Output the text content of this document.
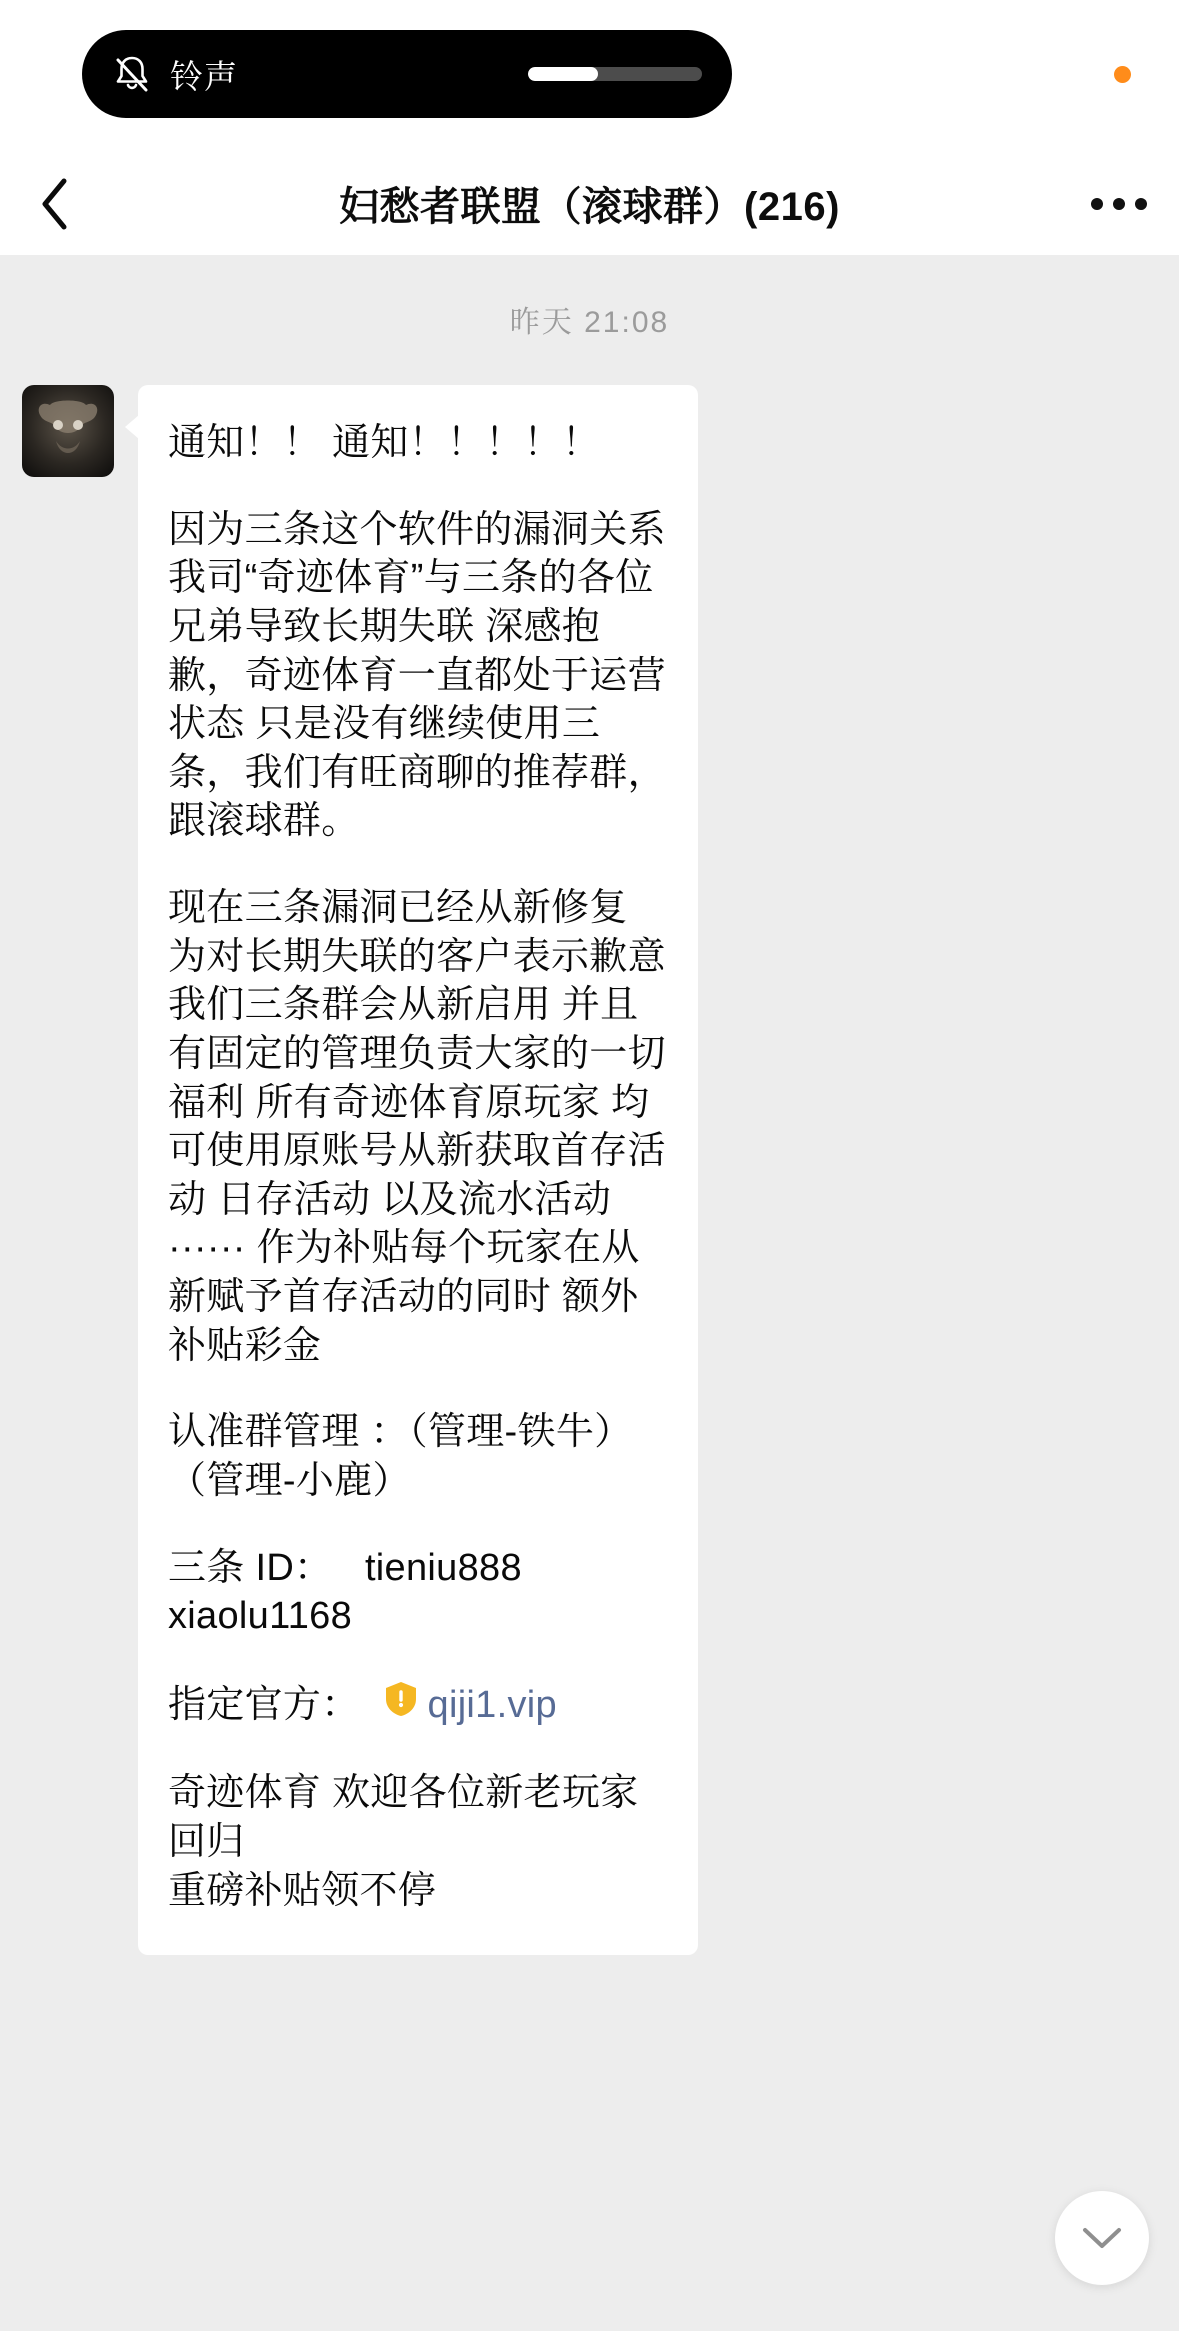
铃声
妇愁者联盟（滚球群）(216)
昨天 21:08

通知！！ 通知！！！！！

因为三条这个软件的漏洞关系我司“奇迹体育”与三条的各位兄弟导致长期失联 深感抱歉，奇迹体育一直都处于运营状态 只是没有继续使用三条，我们有旺商聊的推荐群，跟滚球群。

现在三条漏洞已经从新修复 为对长期失联的客户表示歉意 我们三条群会从新启用 并且有固定的管理负责大家的一切福利 所有奇迹体育原玩家 均可使用原账号从新获取首存活动 日存活动 以及流水活动······ 作为补贴每个玩家在从新赋予首存活动的同时 额外补贴彩金

认准群管理 ：（管理-铁牛）（管理-小鹿）

三条 ID： tieniu888
xiaolu1168

指定官方： qiji1.vip

奇迹体育 欢迎各位新老玩家回归
重磅补贴领不停
